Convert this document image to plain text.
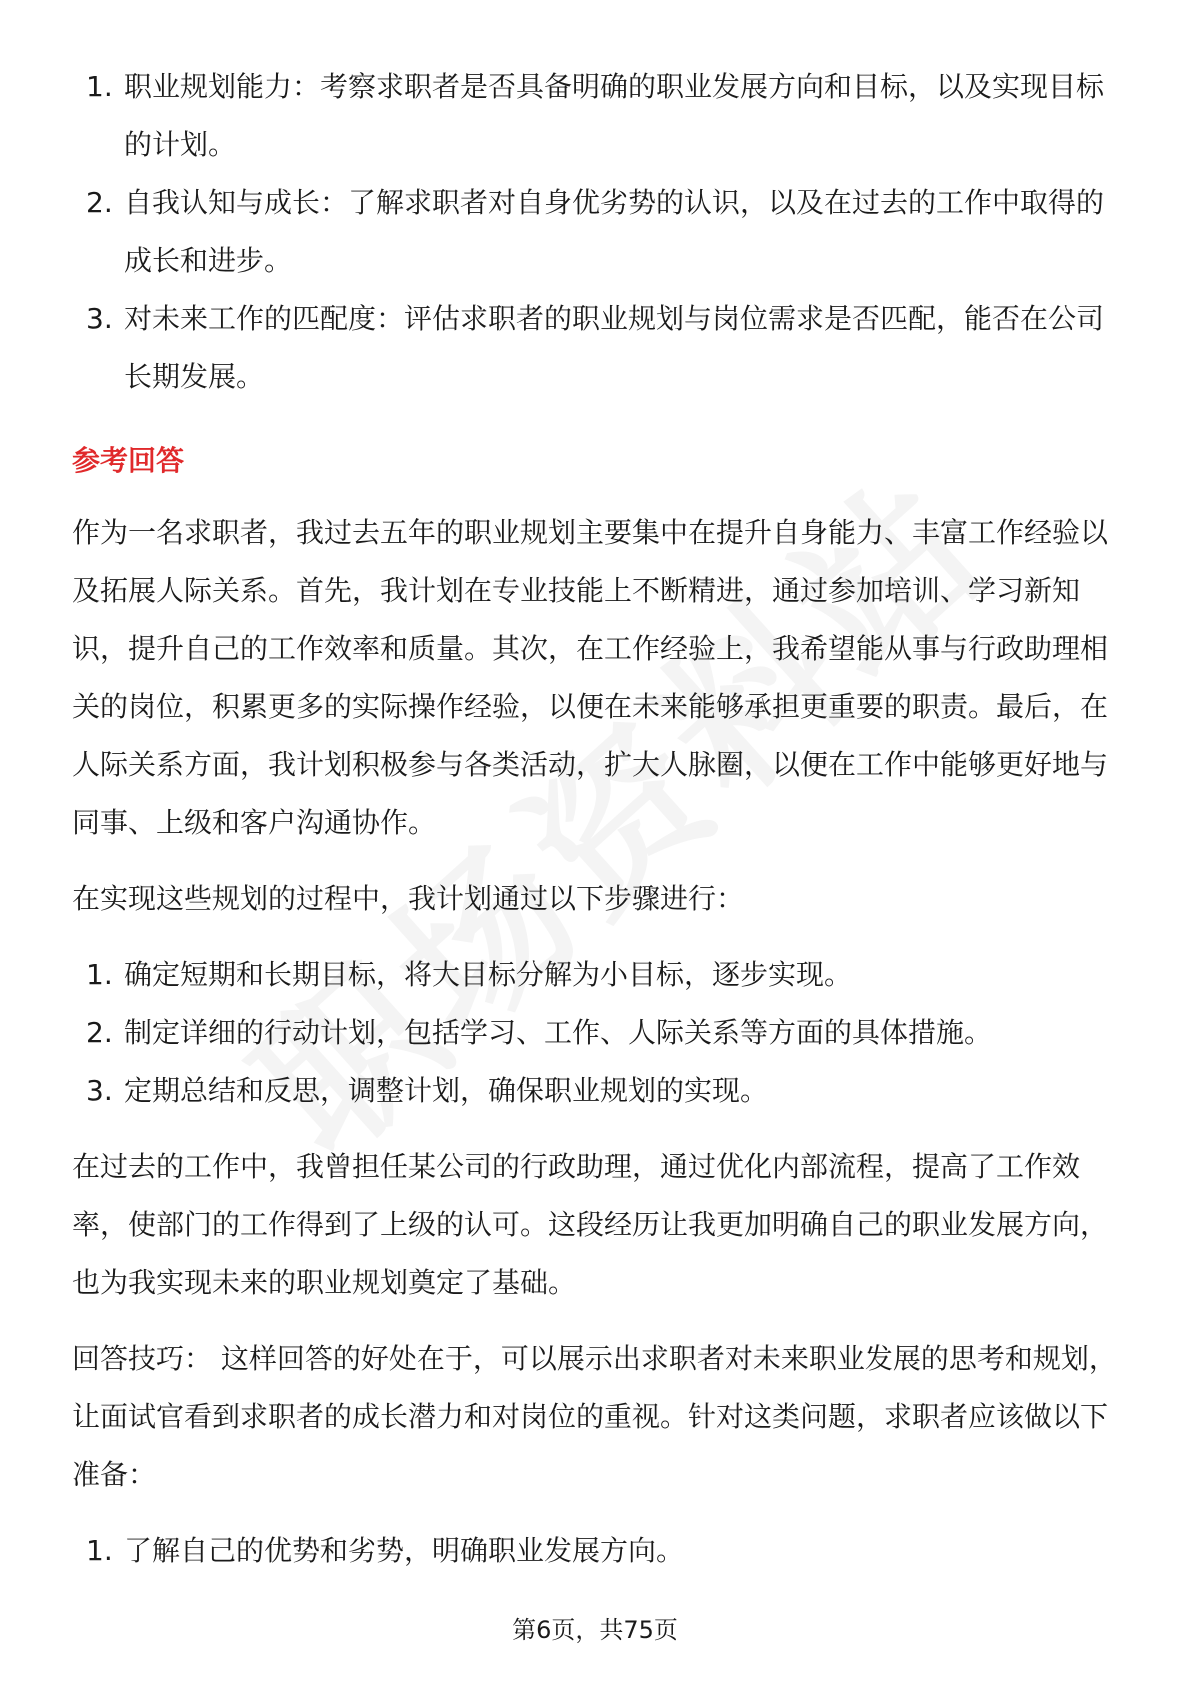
1. 职业规划能力：考察求职者是否具备明确的职业发展方向和目标，以及实现目标的计划。
2. 自我认知与成长：了解求职者对自身优劣势的认识，以及在过去的工作中取得的成长和进步。
3. 对未来工作的匹配度：评估求职者的职业规划与岗位需求是否匹配，能否在公司长期发展。
参考回答

作为一名求职者，我过去五年的职业规划主要集中在提升自身能力、丰富工作经验以及拓展人际关系。首先，我计划在专业技能上不断精进，通过参加培训、学习新知识，提升自己的工作效率和质量。其次，在工作经验上，我希望能从事与行政助理相关的岗位，积累更多的实际操作经验，以便在未来能够承担更重要的职责。最后，在人际关系方面，我计划积极参与各类活动，扩大人脉圈，以便在工作中能够更好地与同事、上级和客户沟通协作。

在实现这些规划的过程中，我计划通过以下步骤进行：

1. 确定短期和长期目标，将大目标分解为小目标，逐步实现。
2. 制定详细的行动计划，包括学习、工作、人际关系等方面的具体措施。
3. 定期总结和反思，调整计划，确保职业规划的实现。

在过去的工作中，我曾担任某公司的行政助理，通过优化内部流程，提高了工作效率，使部门的工作得到了上级的认可。这段经历让我更加明确自己的职业发展方向，也为我实现未来的职业规划奠定了基础。

回答技巧： 这样回答的好处在于，可以展示出求职者对未来职业发展的思考和规划，让面试官看到求职者的成长潜力和对岗位的重视。针对这类问题，求职者应该做以下准备：

1. 了解自己的优势和劣势，明确职业发展方向。
第6页，共75页
